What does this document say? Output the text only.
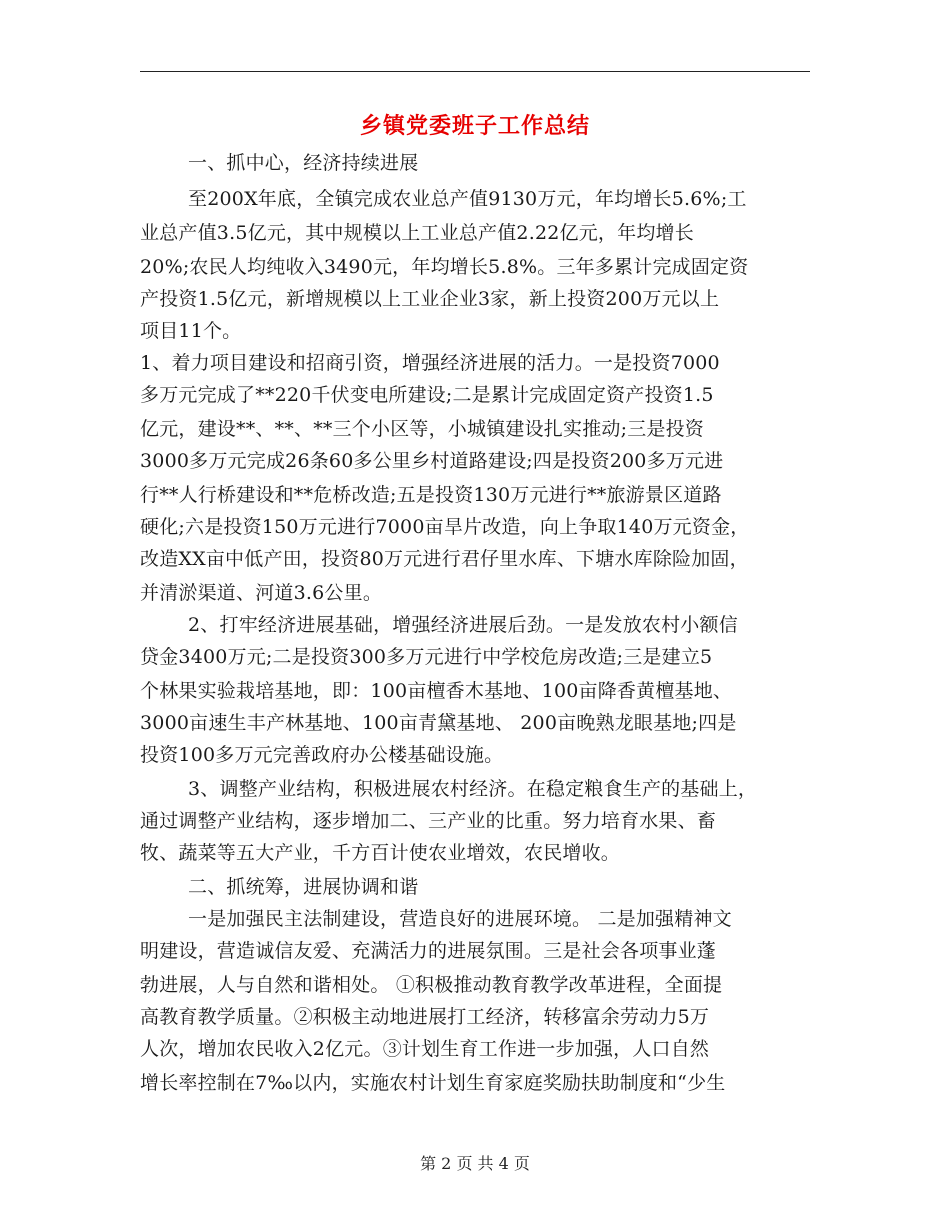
乡镇党委班子工作总结
一、抓中心，经济持续进展
至200X年底，全镇完成农业总产值9130万元，年均增长5.6%;工
业总产值3.5亿元，其中规模以上工业总产值2.22亿元，年均增长
20%;农民人均纯收入3490元，年均增长5.8%。三年多累计完成固定资
产投资1.5亿元，新增规模以上工业企业3家，新上投资200万元以上
项目11个。
1、着力项目建设和招商引资，增强经济进展的活力。一是投资7000
多万元完成了**220千伏变电所建设;二是累计完成固定资产投资1.5
亿元，建设**、**、**三个小区等，小城镇建设扎实推动;三是投资
3000多万元完成26条60多公里乡村道路建设;四是投资200多万元进
行**人行桥建设和**危桥改造;五是投资130万元进行**旅游景区道路
硬化;六是投资150万元进行7000亩旱片改造，向上争取140万元资金，
改造XX亩中低产田，投资80万元进行君仔里水库、下塘水库除险加固，
并清淤渠道、河道3.6公里。
2、打牢经济进展基础，增强经济进展后劲。一是发放农村小额信
贷金3400万元;二是投资300多万元进行中学校危房改造;三是建立5
个林果实验栽培基地，即：100亩檀香木基地、100亩降香黄檀基地、
3000亩速生丰产林基地、100亩青黛基地、 200亩晚熟龙眼基地;四是
投资100多万元完善政府办公楼基础设施。
3、调整产业结构，积极进展农村经济。在稳定粮食生产的基础上，
通过调整产业结构，逐步增加二、三产业的比重。努力培育水果、畜
牧、蔬菜等五大产业，千方百计使农业增效，农民增收。
二、抓统筹，进展协调和谐
一是加强民主法制建设，营造良好的进展环境。 二是加强精神文
明建设，营造诚信友爱、充满活力的进展氛围。三是社会各项事业蓬
勃进展，人与自然和谐相处。 ①积极推动教育教学改革进程，全面提
高教育教学质量。②积极主动地进展打工经济，转移富余劳动力5万
人次，增加农民收入2亿元。③计划生育工作进一步加强，人口自然
增长率控制在7‰以内，实施农村计划生育家庭奖励扶助制度和“少生
第 2 页 共 4 页
